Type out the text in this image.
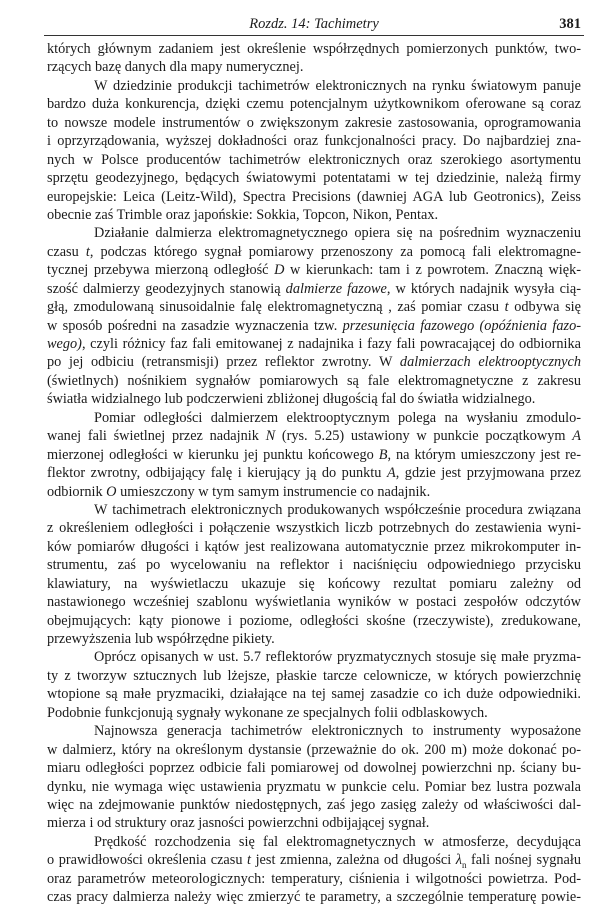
Rozdz. 14: Tachimetry	381
których głównym zadaniem jest określenie współrzędnych pomierzonych punktów, two-
rzących bazę danych dla mapy numerycznej.
W dziedzinie produkcji tachimetrów elektronicznych na rynku światowym panuje
bardzo duża konkurencja, dzięki czemu potencjalnym użytkownikom oferowane są coraz
to nowsze modele instrumentów o zwiększonym zakresie zastosowania, oprogramowania
i oprzyrządowania, wyższej dokładności oraz funkcjonalności pracy. Do najbardziej zna-
nych w Polsce producentów tachimetrów elektronicznych oraz szerokiego asortymentu
sprzętu geodezyjnego, będących światowymi potentatami w tej dziedzinie, należą firmy
europejskie: Leica (Leitz-Wild), Spectra Precisions (dawniej AGA lub Geotronics), Zeiss
obecnie zaś Trimble oraz japońskie: Sokkia, Topcon, Nikon, Pentax.
Działanie dalmierza elektromagnetycznego opiera się na pośrednim wyznaczeniu
czasu t, podczas którego sygnał pomiarowy przenoszony za pomocą fali elektromagne-
tycznej przebywa mierzoną odległość D w kierunkach: tam i z powrotem. Znaczną więk-
szość dalmierzy geodezyjnych stanowią dalmierze fazowe, w których nadajnik wysyła cią-
głą, zmodulowaną sinusoidalnie falę elektromagnetyczną , zaś pomiar czasu t odbywa się
w sposób pośredni na zasadzie wyznaczenia tzw. przesunięcia fazowego (opóźnienia fazo-
wego), czyli różnicy faz fali emitowanej z nadajnika i fazy fali powracającej do odbiornika
po jej odbiciu (retransmisji) przez reflektor zwrotny. W dalmierzach elektrooptycznych
(świetlnych) nośnikiem sygnałów pomiarowych są fale elektromagnetyczne z zakresu
światła widzialnego lub podczerwieni zbliżonej długością fal do światła widzialnego.
Pomiar odległości dalmierzem elektrooptycznym polega na wysłaniu zmodulo-
wanej fali świetlnej przez nadajnik N (rys. 5.25) ustawiony w punkcie początkowym A
mierzonej odległości w kierunku jej punktu końcowego B, na którym umieszczony jest re-
flektor zwrotny, odbijający falę i kierujący ją do punktu A, gdzie jest przyjmowana przez
odbiornik O umieszczony w tym samym instrumencie co nadajnik.
W tachimetrach elektronicznych produkowanych współcześnie procedura związana
z określeniem odległości i połączenie wszystkich liczb potrzebnych do zestawienia wyni-
ków pomiarów długości i kątów jest realizowana automatycznie przez mikrokomputer in-
strumentu, zaś po wycelowaniu na reflektor i naciśnięciu odpowiedniego przycisku
klawiatury, na wyświetlaczu ukazuje się końcowy rezultat pomiaru zależny od
nastawionego wcześniej szablonu wyświetlania wyników w postaci zespołów odczytów
obejmujących: kąty pionowe i poziome, odległości skośne (rzeczywiste), zredukowane,
przewyższenia lub współrzędne pikiety.
Oprócz opisanych w ust. 5.7 reflektorów pryzmatycznych stosuje się małe pryzma-
ty z tworzyw sztucznych lub lżejsze, płaskie tarcze celownicze, w których powierzchnię
wtopione są małe pryzmaciki, działające na tej samej zasadzie co ich duże odpowiedniki.
Podobnie funkcjonują sygnały wykonane ze specjalnych folii odblaskowych.
Najnowsza generacja tachimetrów elektronicznych to instrumenty wyposażone
w dalmierz, który na określonym dystansie (przeważnie do ok. 200 m) może dokonać po-
miaru odległości poprzez odbicie fali pomiarowej od dowolnej powierzchni np. ściany bu-
dynku, nie wymaga więc ustawienia pryzmatu w punkcie celu. Pomiar bez lustra pozwala
więc na zdejmowanie punktów niedostępnych, zaś jego zasięg zależy od właściwości dal-
mierza i od struktury oraz jasności powierzchni odbijającej sygnał.
Prędkość rozchodzenia się fal elektromagnetycznych w atmosferze, decydująca
o prawidłowości określenia czasu t jest zmienna, zależna od długości $\lambda_n$ fali nośnej sygnału
oraz parametrów meteorologicznych: temperatury, ciśnienia i wilgotności powietrza. Pod-
czas pracy dalmierza należy więc zmierzyć te parametry, a szczególnie temperaturę powie-
